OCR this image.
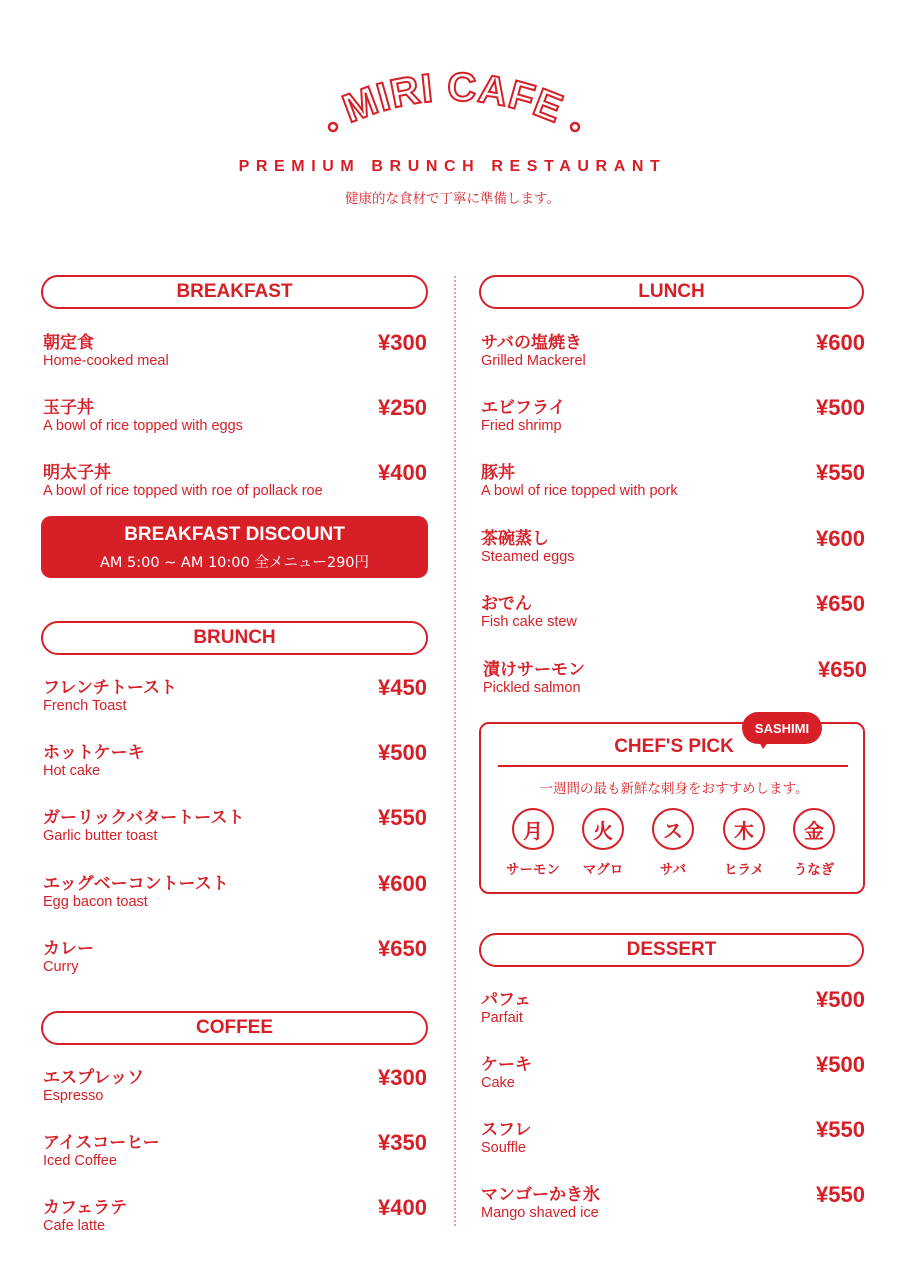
MIRI CAFE
PREMIUM BRUNCH RESTAURANT
健康的な食材で丁寧に準備します。
BREAKFAST
朝定食
Home-cooked meal
¥300
玉子丼
A bowl of rice topped with eggs
¥250
明太子丼
A bowl of rice topped with roe of pollack roe
¥400
BREAKFAST DISCOUNT
AM 5:00 ~ AM 10:00 全メニュー290円
BRUNCH
フレンチトースト
French Toast
¥450
ホットケーキ
Hot cake
¥500
ガーリックバタートースト
Garlic butter toast
¥550
エッグベーコントースト
Egg bacon toast
¥600
カレー
Curry
¥650
COFFEE
エスプレッソ
Espresso
¥300
アイスコーヒー
Iced Coffee
¥350
カフェラテ
Cafe latte
¥400
LUNCH
サバの塩焼き
Grilled Mackerel
¥600
エビフライ
Fried shrimp
¥500
豚丼
A bowl of rice topped with pork
¥550
茶碗蒸し
Steamed eggs
¥600
おでん
Fish cake stew
¥650
漬けサーモン
Pickled salmon
¥650
CHEF'S PICK
一週間の最も新鮮な刺身をおすすめします。
月
サーモン
火
マグロ
ス
サバ
木
ヒラメ
金
うなぎ
SASHIMI
DESSERT
パフェ
Parfait
¥500
ケーキ
Cake
¥500
スフレ
Souffle
¥550
マンゴーかき氷
Mango shaved ice
¥550
